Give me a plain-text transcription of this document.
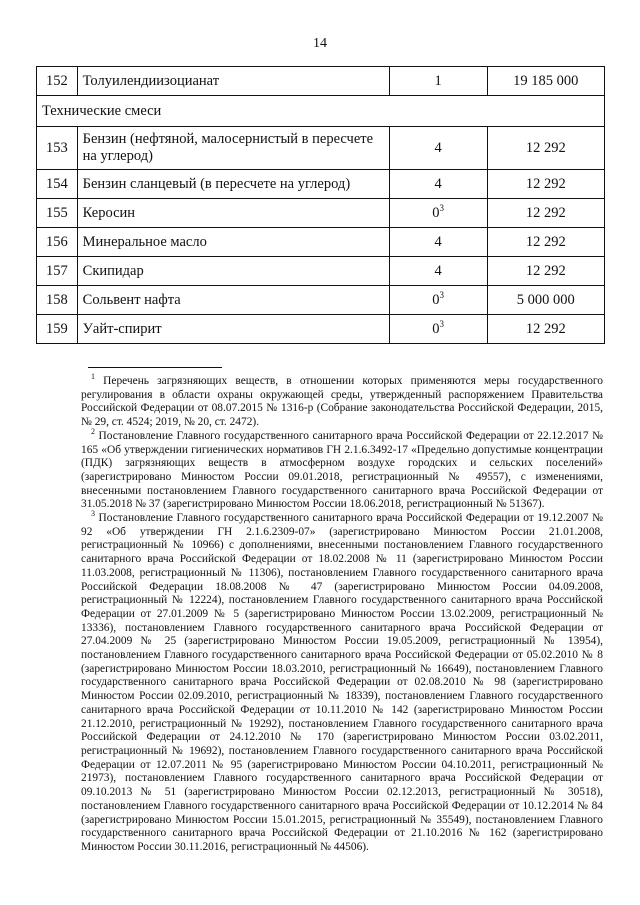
14
152	Толуилендиизоцианат	1	19 185 000
Технические смеси			
153	Бензин (нефтяной, малосернистый в пересчете на углерод)	4	12 292
154	Бензин сланцевый (в пересчете на углерод)	4	12 292
155	Керосин	$0^3$	12 292
156	Минеральное масло	4	12 292
157	Скипидар	4	12 292
158	Сольвент нафта	$0^3$	5 000 000
159	Уайт-спирит	$0^3$	12 292

$^1$ Перечень загрязняющих веществ, в отношении которых применяются меры государственного регулирования в области охраны окружающей среды, утвержденный распоряжением Правительства Российской Федерации от 08.07.2015 № 1316-р (Собрание законодательства Российской Федерации, 2015, № 29, ст. 4524; 2019, № 20, ст. 2472).

$^2$ Постановление Главного государственного санитарного врача Российской Федерации от 22.12.2017 № 165 «Об утверждении гигиенических нормативов ГН 2.1.6.3492-17 «Предельно допустимые концентрации (ПДК) загрязняющих веществ в атмосферном воздухе городских и сельских поселений» (зарегистрировано Минюстом России 09.01.2018, регистрационный № 49557), с изменениями, внесенными постановлением Главного государственного санитарного врача Российской Федерации от 31.05.2018 № 37 (зарегистрировано Минюстом России 18.06.2018, регистрационный № 51367).

$^3$ Постановление Главного государственного санитарного врача Российской Федерации от 19.12.2007 № 92 «Об утверждении ГН 2.1.6.2309-07» (зарегистрировано Минюстом России 21.01.2008, регистрационный № 10966) с дополнениями, внесенными постановлением Главного государственного санитарного врача Российской Федерации от 18.02.2008 № 11 (зарегистрировано Минюстом России 11.03.2008, регистрационный № 11306), постановлением Главного государственного санитарного врача Российской Федерации 18.08.2008 № 47 (зарегистрировано Минюстом России 04.09.2008, регистрационный № 12224), постановлением Главного государственного санитарного врача Российской Федерации от 27.01.2009 № 5 (зарегистрировано Минюстом России 13.02.2009, регистрационный № 13336), постановлением Главного государственного санитарного врача Российской Федерации от 27.04.2009 № 25 (зарегистрировано Минюстом России 19.05.2009, регистрационный № 13954), постановлением Главного государственного санитарного врача Российской Федерации от 05.02.2010 № 8 (зарегистрировано Минюстом России 18.03.2010, регистрационный № 16649), постановлением Главного государственного санитарного врача Российской Федерации от 02.08.2010 № 98 (зарегистрировано Минюстом России 02.09.2010, регистрационный № 18339), постановлением Главного государственного санитарного врача Российской Федерации от 10.11.2010 № 142 (зарегистрировано Минюстом России 21.12.2010, регистрационный № 19292), постановлением Главного государственного санитарного врача Российской Федерации от 24.12.2010 № 170 (зарегистрировано Минюстом России 03.02.2011, регистрационный № 19692), постановлением Главного государственного санитарного врача Российской Федерации от 12.07.2011 № 95 (зарегистрировано Минюстом России 04.10.2011, регистрационный № 21973), постановлением Главного государственного санитарного врача Российской Федерации от 09.10.2013 № 51 (зарегистрировано Минюстом России 02.12.2013, регистрационный № 30518), постановлением Главного государственного санитарного врача Российской Федерации от 10.12.2014 № 84 (зарегистрировано Минюстом России 15.01.2015, регистрационный № 35549), постановлением Главного государственного санитарного врача Российской Федерации от 21.10.2016 № 162 (зарегистрировано Минюстом России 30.11.2016, регистрационный № 44506).
